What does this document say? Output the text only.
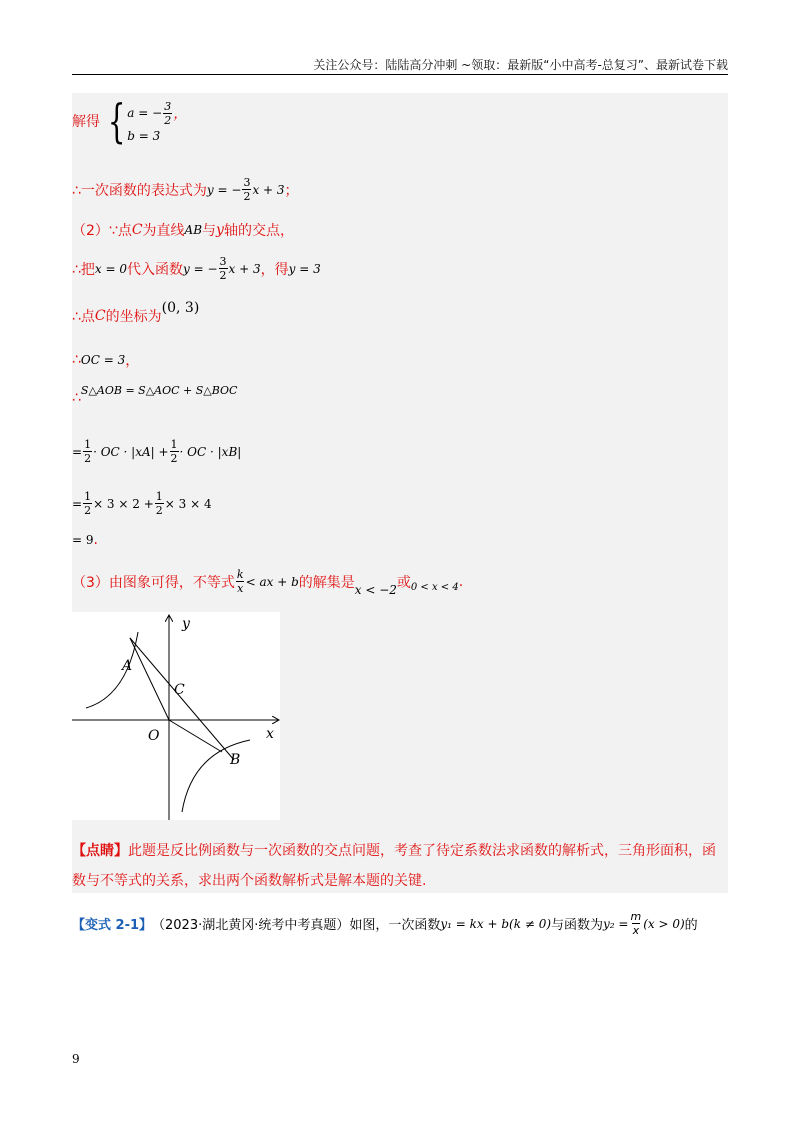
关注公众号：陆陆高分冲刺 ~领取：最新版“小中高考-总复习”、最新试卷下载
解得 { a = − $\frac{3}{2}$ ，
b = 3
∴一次函数的表达式为 y = − $\frac{3}{2}$ x + 3 ；
（2）∵点 C 为直线 AB 与 y 轴的交点，
∴把 x = 0 代入函数 y = − $\frac{3}{2}$ x + 3 ，得 y = 3
∴点 C 的坐标为
(0, 3)
∴ OC = 3 ，
∴ S△AOB = S△AOC + S△BOC
= $\frac{1}{2}$ · OC · $|xA| + \frac{1}{2}$ · OC · |xB|
= $\frac{1}{2} \times 3 \times 2 + \frac{1}{2} \times 3 \times 4$
= 9 .
（3）由图象可得，不等式 $\frac{k}{x}$ < ax + b 的解集是 x < −2 或 0 < x < 4 .
y
x
O
A
B
C
【点睛】此题是反比例函数与一次函数的交点问题，考查了待定系数法求函数的解析式，三角形面积，函数与不等式的关系，求出两个函数解析式是解本题的关键.
【变式 2-1】 （2023·湖北黄冈·统考中考真题）如图，一次函数 y₁ = kx + b(k ≠ 0) 与函数为 $y_2 = \frac{m}{x} (x > 0)$ 的
9
